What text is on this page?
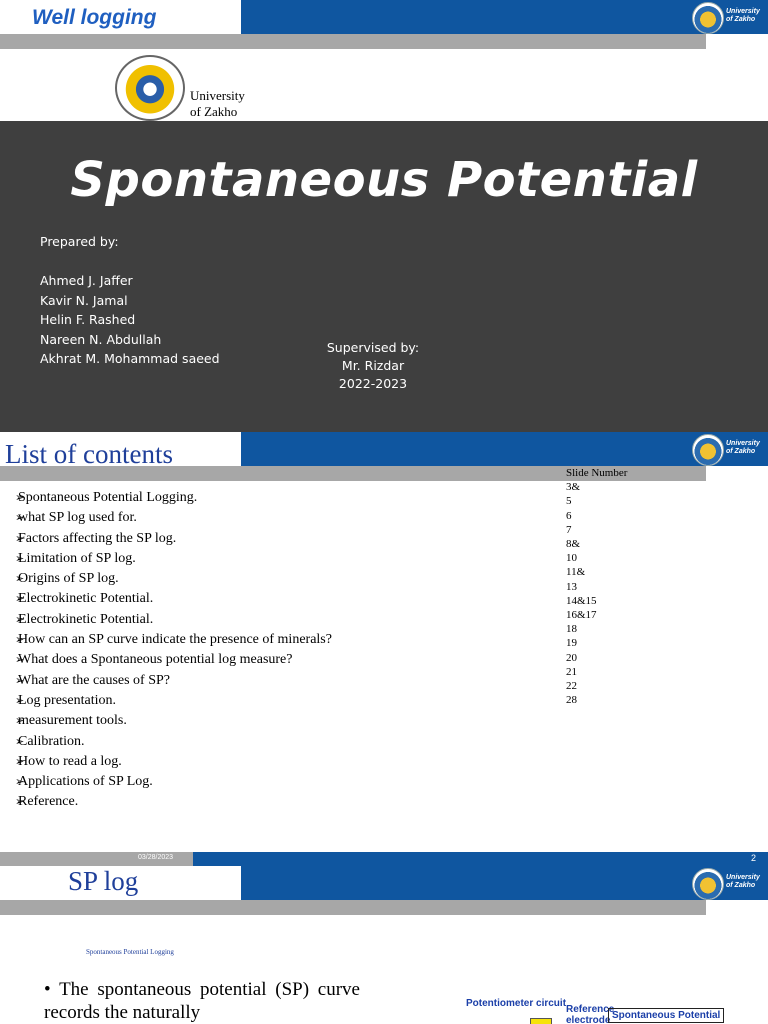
University
of Zakho
Well logging
University
of Zakho
Spontaneous Potential
Prepared by:
Ahmed J. Jaffer
Kavir N. Jamal
Helin F. Rashed
Nareen N. Abdullah
Akhrat M. Mohammad saeed
Supervised by:
Mr. Rizdar
2022-2023
University
of Zakho
List of contents
➢ Spontaneous Potential Logging.
➢ what SP log used for.
➢ Factors affecting the SP log.
➢ Limitation of SP log.
➢ Origins of SP log.
➢ Electrokinetic Potential.
➢ Electrokinetic Potential.
➢ How can an SP curve indicate the presence of minerals?
➢ What does a Spontaneous potential log measure?
➢ What are the causes of SP?
➢ Log presentation.
➢ measurement tools.
➢ Calibration.
➢ How to read a log.
➢ Applications of SP Log.
➢ Reference.
Slide Number
3&
5
6
7
8&
10
11&
13
14&15
16&17
18
19
20
21
22
28
03/28/2023	2
University
of Zakho
SP log
Spontaneous Potential Logging
• The spontaneous potential (SP) curve records the naturally	Potentiometer circuit
Reference
electrode Spontaneous Potential
